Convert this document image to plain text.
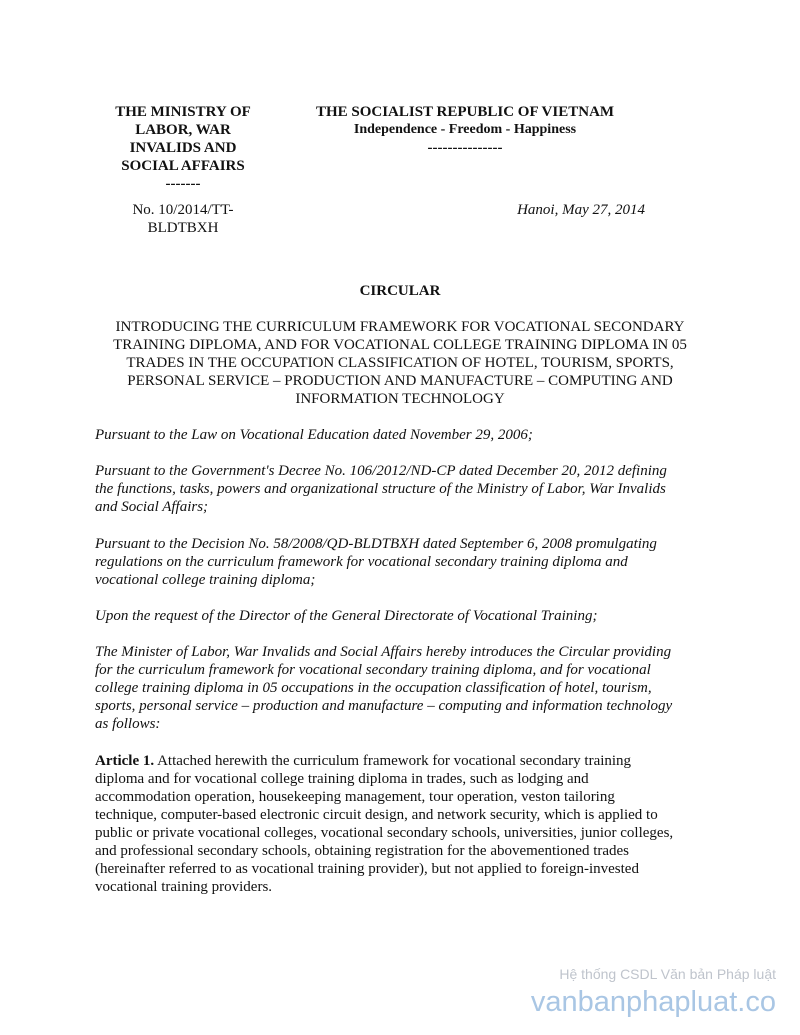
THE MINISTRY OF
LABOR, WAR
INVALIDS AND
SOCIAL AFFAIRS
-------
THE SOCIALIST REPUBLIC OF VIETNAM
Independence - Freedom - Happiness
---------------
No. 10/2014/TT-
BLDTBXH
Hanoi, May 27, 2014
CIRCULAR
INTRODUCING THE CURRICULUM FRAMEWORK FOR VOCATIONAL SECONDARY
TRAINING DIPLOMA, AND FOR VOCATIONAL COLLEGE TRAINING DIPLOMA IN 05
TRADES IN THE OCCUPATION CLASSIFICATION OF HOTEL, TOURISM, SPORTS,
PERSONAL SERVICE – PRODUCTION AND MANUFACTURE – COMPUTING AND
INFORMATION TECHNOLOGY
Pursuant to the Law on Vocational Education dated November 29, 2006;
Pursuant to the Government's Decree No. 106/2012/ND-CP dated December 20, 2012 defining
the functions, tasks, powers and organizational structure of the Ministry of Labor, War Invalids
and Social Affairs;
Pursuant to the Decision No. 58/2008/QD-BLDTBXH dated September 6, 2008 promulgating
regulations on the curriculum framework for vocational secondary training diploma and
vocational college training diploma;
Upon the request of the Director of the General Directorate of Vocational Training;
The Minister of Labor, War Invalids and Social Affairs hereby introduces the Circular providing
for the curriculum framework for vocational secondary training diploma, and for vocational
college training diploma in 05 occupations in the occupation classification of hotel, tourism,
sports, personal service – production and manufacture – computing and information technology
as follows:
Article 1. Attached herewith the curriculum framework for vocational secondary training
diploma and for vocational college training diploma in trades, such as lodging and
accommodation operation, housekeeping management, tour operation, veston tailoring
technique, computer-based electronic circuit design, and network security, which is applied to
public or private vocational colleges, vocational secondary schools, universities, junior colleges,
and professional secondary schools, obtaining registration for the abovementioned trades
(hereinafter referred to as vocational training provider), but not applied to foreign-invested
vocational training providers.
Hệ thống CSDL Văn bản Pháp luật
vanbanphapluat.co
